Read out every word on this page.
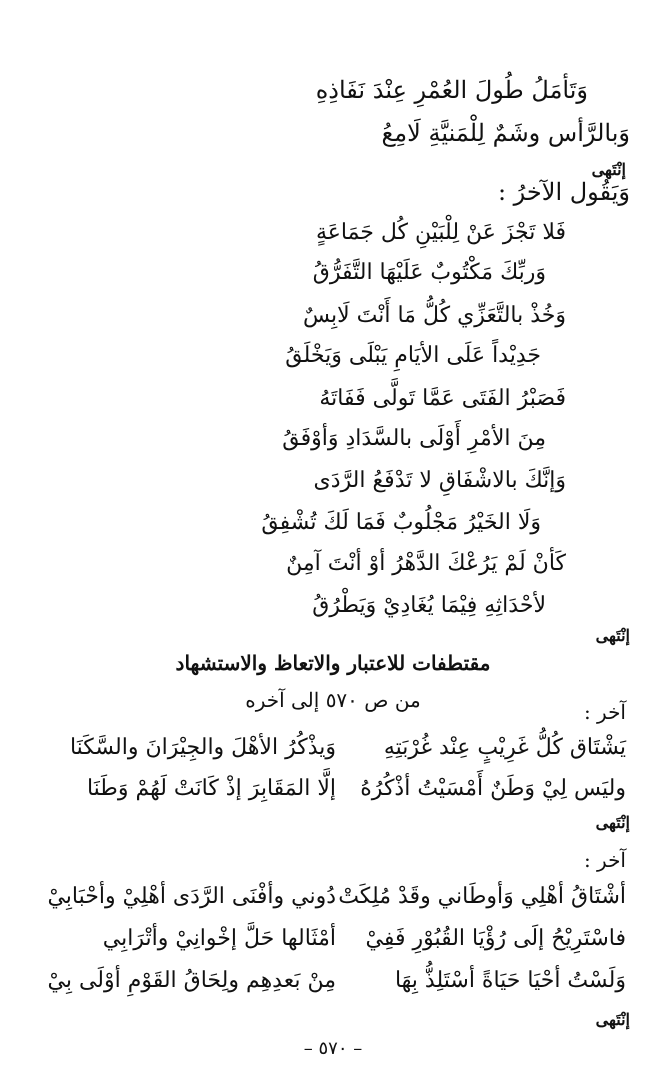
وَتَأمَلُ طُولَ العُمْرِ عِنْدَ نَفَاذِهِ
وَبالرَّأس وشَمٌ لِلْمَنيَّةِ لَامِعُ
إنْتَهى
وَيَقُول الآخرُ :
فَلا تَجْزَ عَنْ لِلْبَيْنِ كُل جَمَاعَةٍ
وَربِّكَ مَكْتُوبٌ عَلَيْهَا التَّفَرُّقُ
وَخُذْ بالتَّعَزِّي كُلُّ مَا أَنْتَ لَابِسٌ
جَدِيْداً عَلَى الأيَامِ يَبْلَى وَيَخْلَقُ
فَصَبْرُ الفَتَى عَمَّا تَولَّى فَفَاتَهُ
مِنَ الأمْرِ أَوْلَى بالسَّدَادِ وَأوْفَقُ
وَإنَّكَ بالاشْفَاقِ لا تَدْفَعُ الرَّدَى
وَلَا الخَيْرُ مَجْلُوبٌ فَمَا لَكَ تُشْفِقُ
كَأنْ لَمْ يَرُعْكَ الدَّهْرُ أوْ أنْتَ آمِنٌ
لأحْدَاثِهِ فِيْمَا يُغَادِيْ وَيَطْرُقُ
إنْتَهى
مقتطفات للاعتبار والاتعاظ والاستشهاد
من ص ٥٧٠ إلى آخره	آخر :
يَشْتَاق كُلُّ غَرِيْبٍ عِنْد غُرْبَتِهِ
وَيذْكُرُ الأهْلَ والجِيْرَانَ والسَّكَنَا
وليَس لِيْ وَطَنٌ أَمْسَيْتُ أذْكُرُهُ
إلَّا المَقَابِرَ إذْ كَانَتْ لَهُمْ وَطَنَا
إنْتَهى
آخر :
أشْتَاقُ أهْلِي وَأوطَاني وقَدْ مُلِكَتْ
دُوني وأفْنَى الرَّدَى أهْلِيْ وأحْبَابِيْ
فاسْتَرِيْحُ إلَى رُؤْيَا القُبُوْرِ فَفِيْ
أمْثَالها حَلَّ إخْوانِيْ وأتْرَابِي
وَلَسْتُ أحْيَا حَيَاةً أسْتَلِذُّ بِهَا
مِنْ بَعدِهِم ولِحَاقُ القَوْمِ أوْلَى بِيْ
إنْتَهى
– ٥٧٠ –
